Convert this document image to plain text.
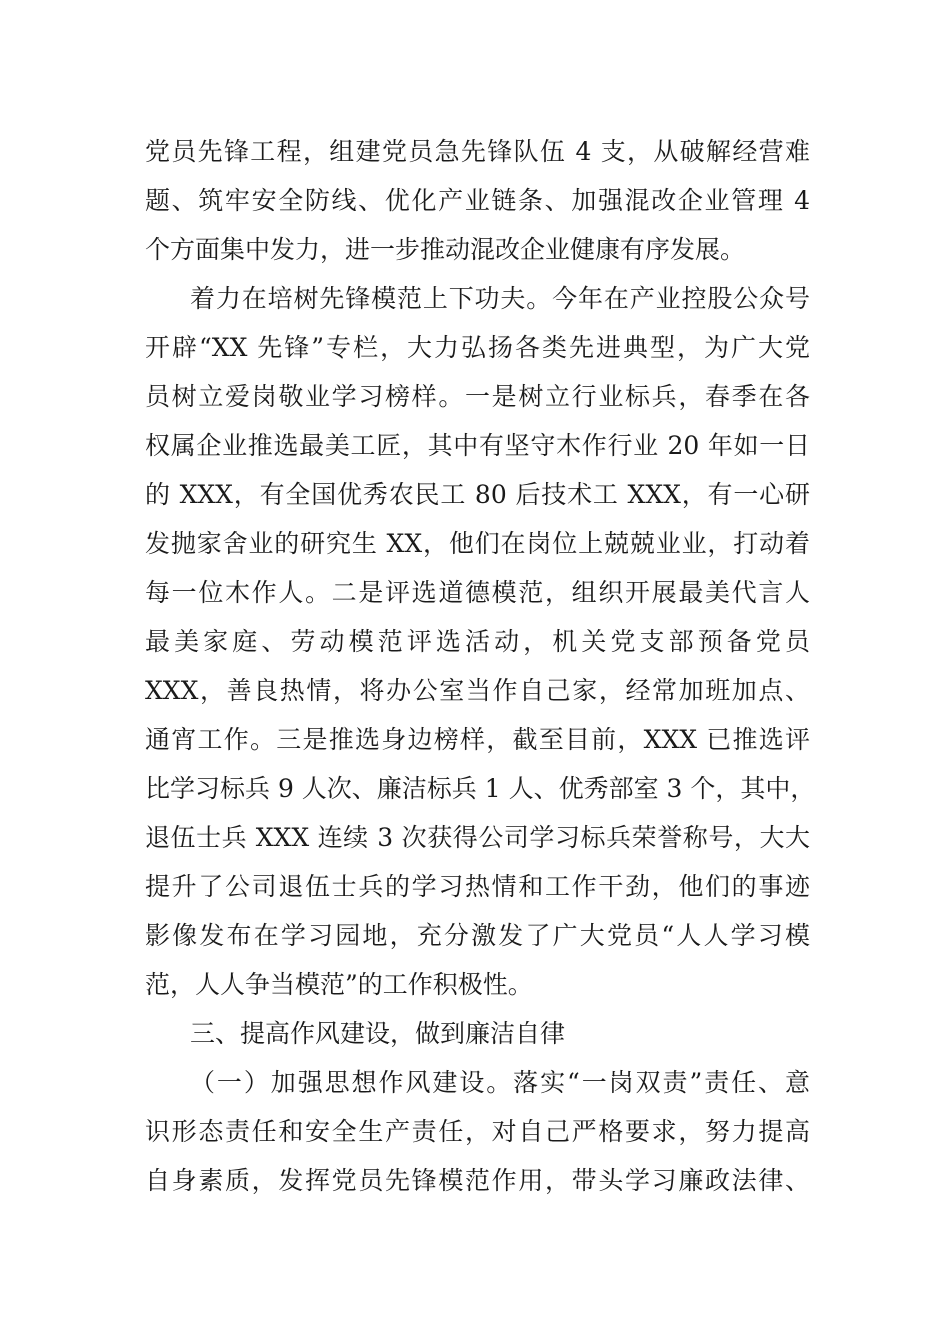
党员先锋工程，组建党员急先锋队伍 4 支，从破解经营难
题、筑牢安全防线、优化产业链条、加强混改企业管理 4
个方面集中发力，进一步推动混改企业健康有序发展。
着力在培树先锋模范上下功夫。今年在产业控股公众号
开辟“XX 先锋”专栏，大力弘扬各类先进典型，为广大党
员树立爱岗敬业学习榜样。一是树立行业标兵，春季在各
权属企业推选最美工匠，其中有坚守木作行业 20 年如一日
的 XXX，有全国优秀农民工 80 后技术工 XXX，有一心研
发抛家舍业的研究生 XX，他们在岗位上兢兢业业，打动着
每一位木作人。二是评选道德模范，组织开展最美代言人
最美家庭、劳动模范评选活动，机关党支部预备党员
XXX，善良热情，将办公室当作自己家，经常加班加点、
通宵工作。三是推选身边榜样，截至目前，XXX 已推选评
比学习标兵 9 人次、廉洁标兵 1 人、优秀部室 3 个，其中，
退伍士兵 XXX 连续 3 次获得公司学习标兵荣誉称号，大大
提升了公司退伍士兵的学习热情和工作干劲，他们的事迹
影像发布在学习园地，充分激发了广大党员“人人学习模
范，人人争当模范”的工作积极性。
三、提高作风建设，做到廉洁自律
（一）加强思想作风建设。落实“一岗双责”责任、意
识形态责任和安全生产责任，对自己严格要求，努力提高
自身素质，发挥党员先锋模范作用，带头学习廉政法律、
